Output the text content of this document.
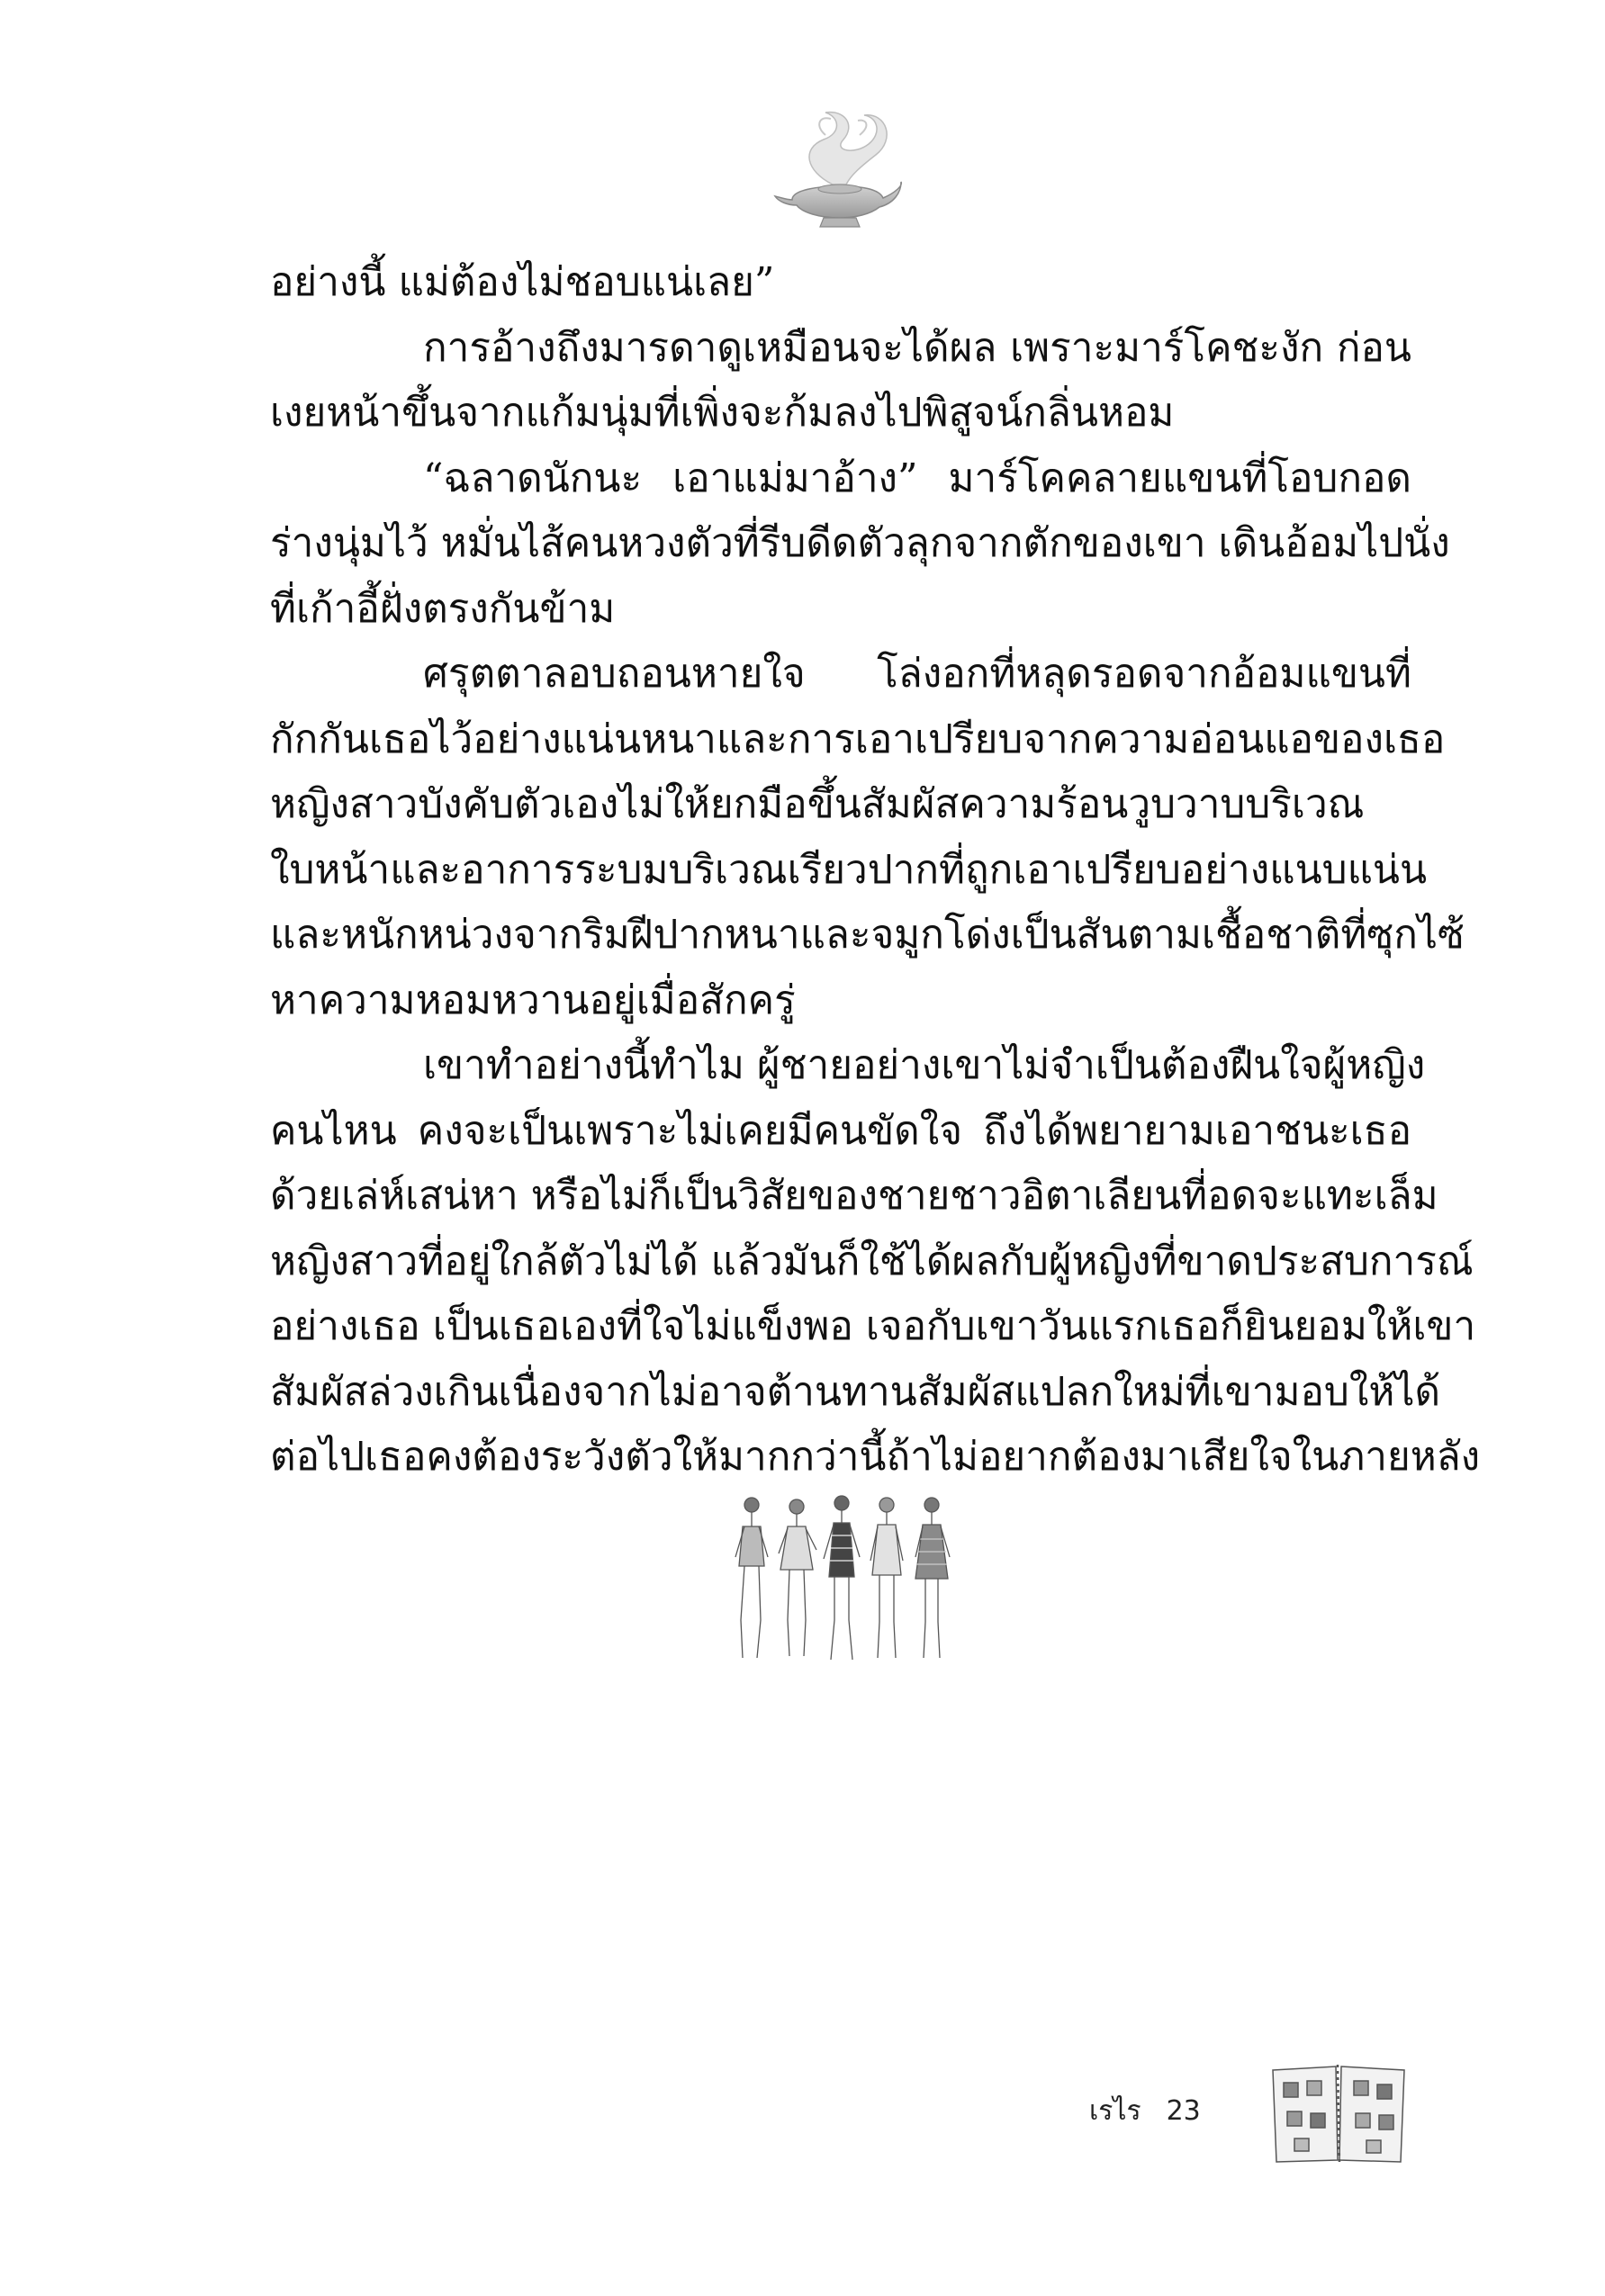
อย่างนี้ แม่ต้องไม่ชอบแน่เลย”
การอ้างถึงมารดาดูเหมือนจะได้ผล เพราะมาร์โคชะงัก ก่อน
เงยหน้าขึ้นจากแก้มนุ่มที่เพิ่งจะก้มลงไปพิสูจน์กลิ่นหอม
“ฉลาดนักนะ เอาแม่มาอ้าง” มาร์โคคลายแขนที่โอบกอด
ร่างนุ่มไว้ หมั่นไส้คนหวงตัวที่รีบดีดตัวลุกจากตักของเขา เดินอ้อมไปนั่ง
ที่เก้าอี้ฝั่งตรงกันข้าม
ศรุตตาลอบถอนหายใจ โล่งอกที่หลุดรอดจากอ้อมแขนที่
กักกันเธอไว้อย่างแน่นหนาและการเอาเปรียบจากความอ่อนแอของเธอ
หญิงสาวบังคับตัวเองไม่ให้ยกมือขึ้นสัมผัสความร้อนวูบวาบบริเวณ
ใบหน้าและอาการระบมบริเวณเรียวปากที่ถูกเอาเปรียบอย่างแนบแน่น
และหนักหน่วงจากริมฝีปากหนาและจมูกโด่งเป็นสันตามเชื้อชาติที่ซุกไซ้
หาความหอมหวานอยู่เมื่อสักครู่
เขาทำอย่างนี้ทำไม ผู้ชายอย่างเขาไม่จำเป็นต้องฝืนใจผู้หญิง
คนไหน คงจะเป็นเพราะไม่เคยมีคนขัดใจ ถึงได้พยายามเอาชนะเธอ
ด้วยเล่ห์เสน่หา หรือไม่ก็เป็นวิสัยของชายชาวอิตาเลียนที่อดจะแทะเล็ม
หญิงสาวที่อยู่ใกล้ตัวไม่ได้ แล้วมันก็ใช้ได้ผลกับผู้หญิงที่ขาดประสบการณ์
อย่างเธอ เป็นเธอเองที่ใจไม่แข็งพอ เจอกับเขาวันแรกเธอก็ยินยอมให้เขา
สัมผัสล่วงเกินเนื่องจากไม่อาจต้านทานสัมผัสแปลกใหม่ที่เขามอบให้ได้
ต่อไปเธอคงต้องระวังตัวให้มากกว่านี้ถ้าไม่อยากต้องมาเสียใจในภายหลัง
เรไร 23
